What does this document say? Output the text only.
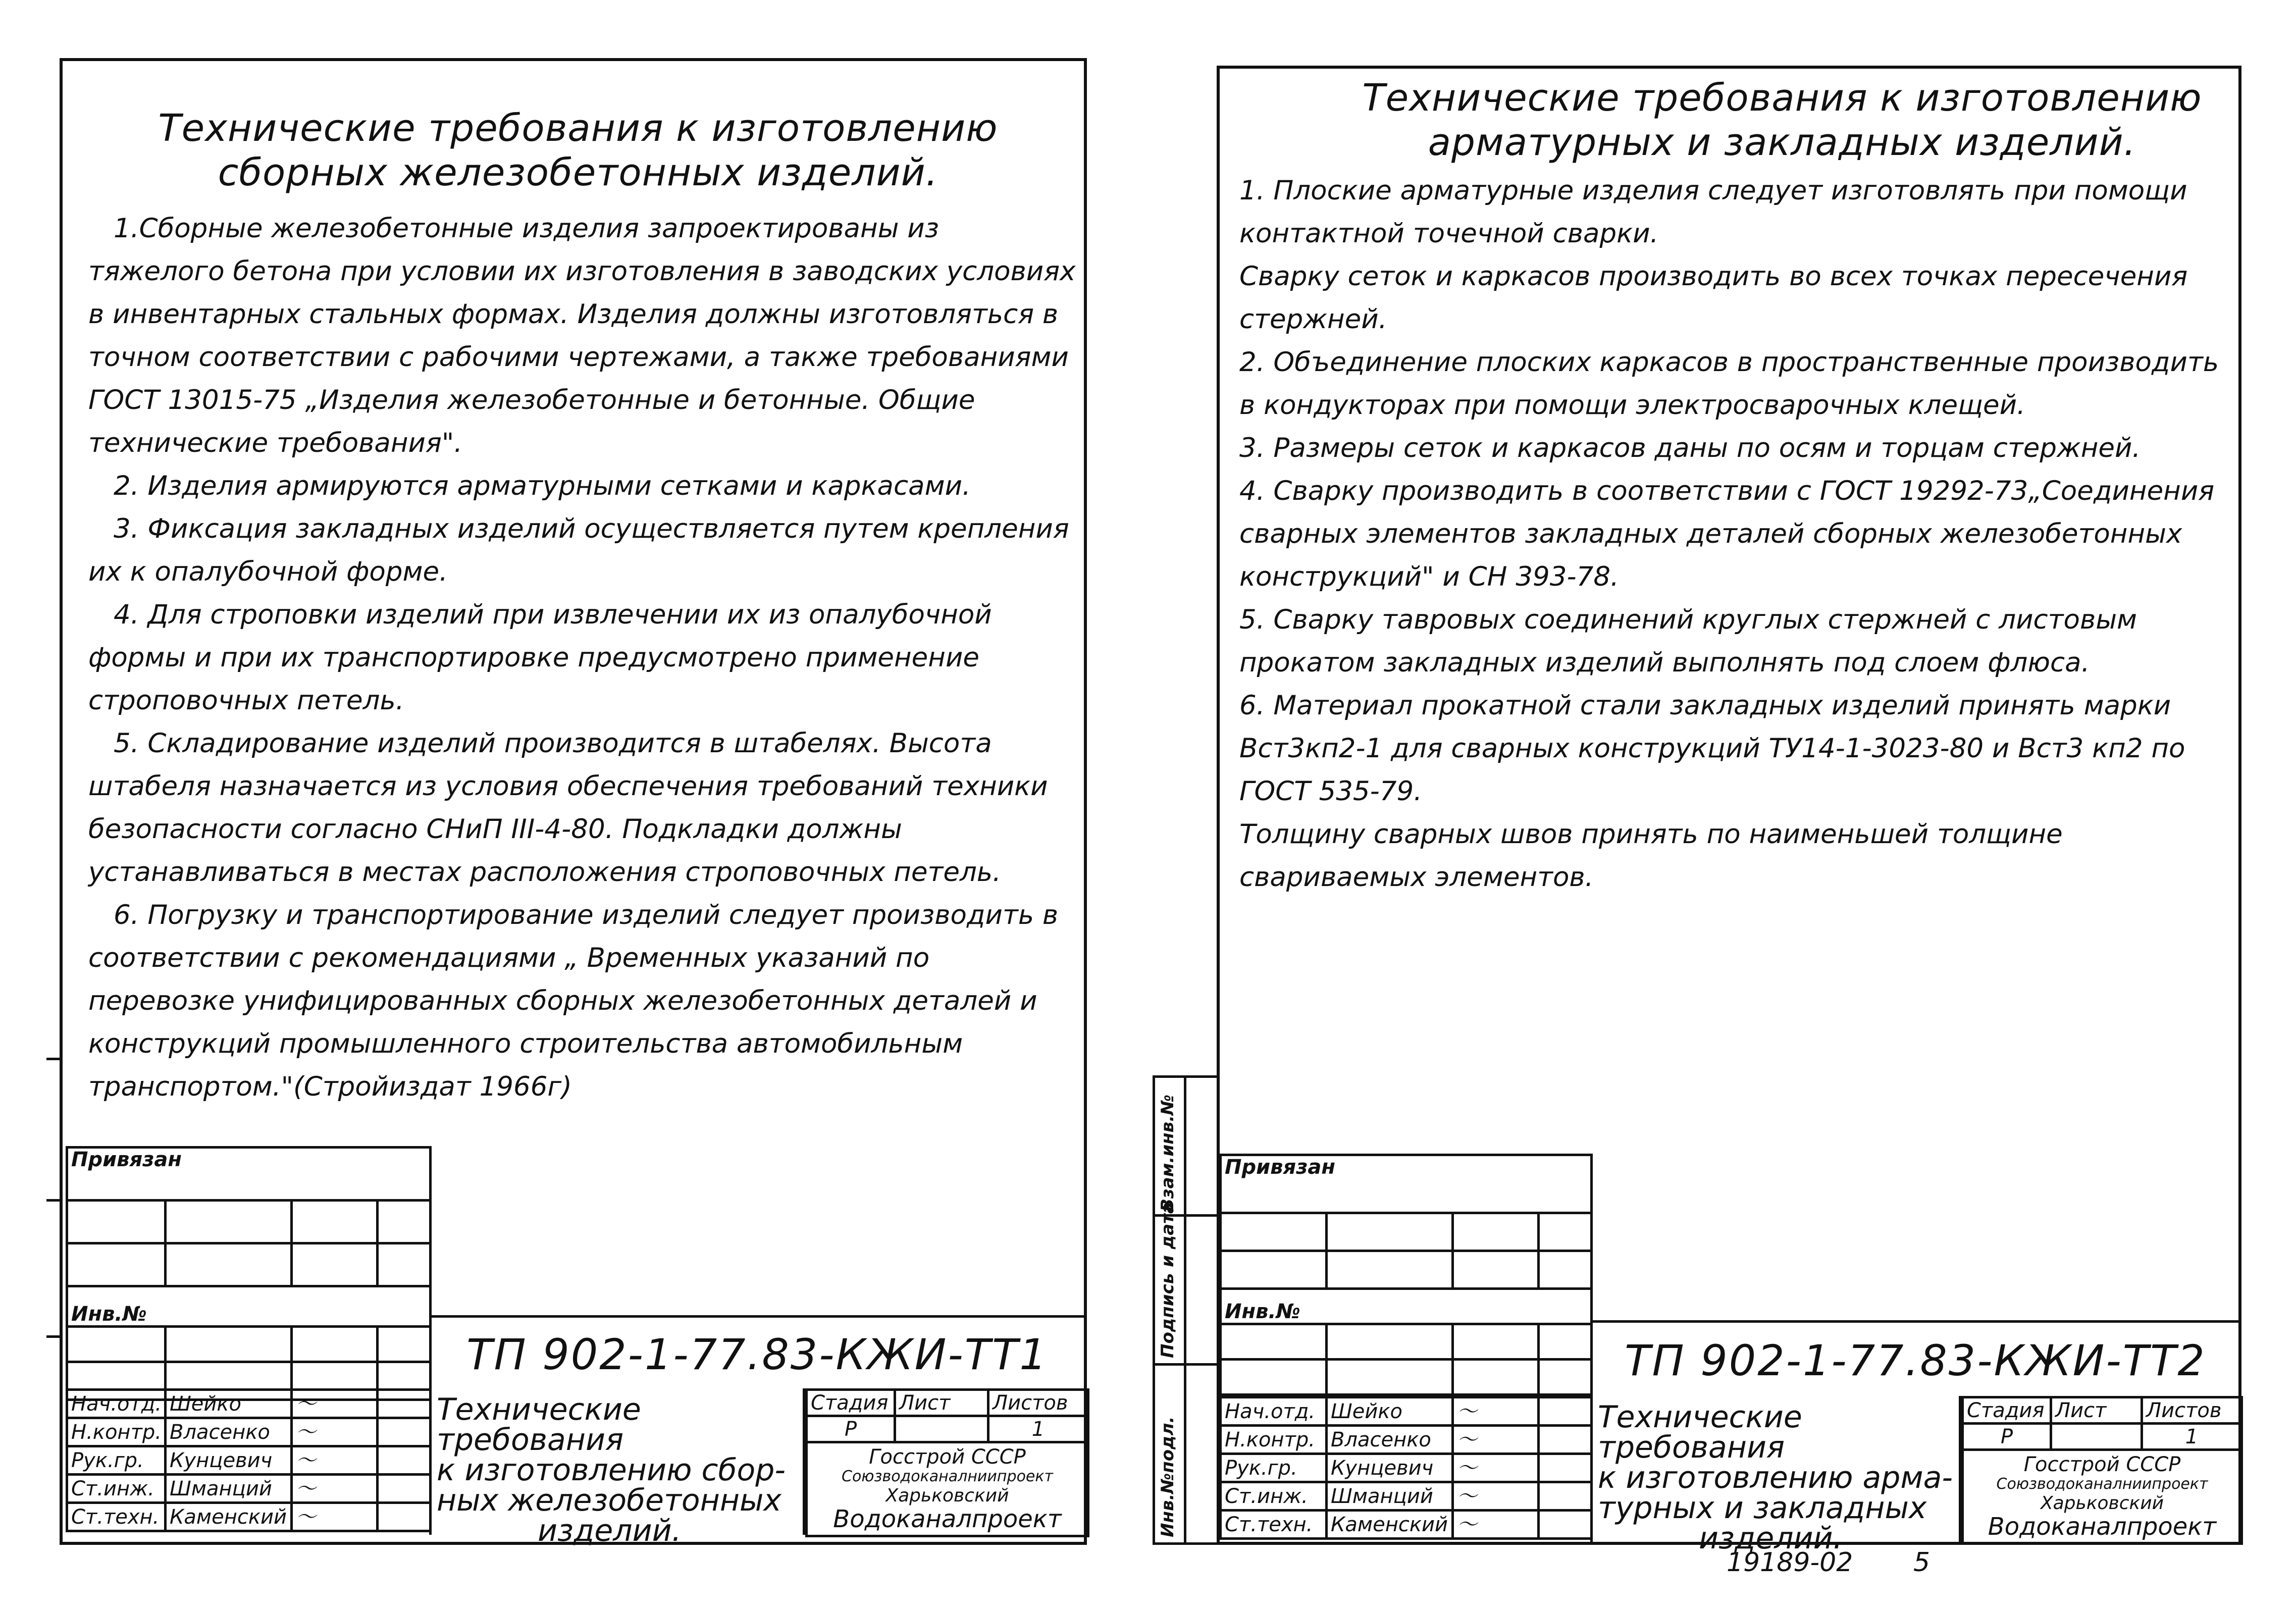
Технические требования к изготовлению

сборных железобетонных изделий.

1.Сборные железобетонные изделия запроектированы из тяжелого бетона при условии их изготовления в заводских условиях в инвентарных стальных формах. Изделия должны изготовляться в точном соответствии с рабочими чертежами, а также требованиями ГОСТ 13015-75 „Изделия железобетонные и бетонные. Общие технические требования".

2. Изделия армируются арматурными сетками и каркасами.

3. Фиксация закладных изделий осуществляется путем крепления их к опалубочной форме.

4. Для строповки изделий при извлечении их из опалубочной формы и при их транспортировке предусмотрено применение строповочных петель.

5. Складирование изделий производится в штабелях. Высота штабеля назначается из условия обеспечения требований техники безопасности согласно СНиП III-4-80. Подкладки должны устанавливаться в местах расположения строповочных петель.

6. Погрузку и транспортирование изделий следует производить в соответствии с рекомендациями „ Временных указаний по перевозке унифицированных сборных железобетонных деталей и конструкций промышленного строительства автомобильным транспортом."(Стройиздат 1966г)

Привязан			

Инв.№			

ТП 902-1-77.83-КЖИ-ТТ1
Нач.отд.	Шейко	〜	
Н.контр.	Власенко	〜	
Рук.гр.	Кунцевич	〜	
Ст.инж.	Шманций	〜	
Ст.техн.	Каменский	〜	
Технические требования
к изготовлению сбор-
ных железобетонных
изделий.
Стадия	Лист	Листов
Р		1

Госстрой СССР
Союзводоканалниипроект
Харьковский
Водоканалпроект		

Технические требования к изготовлению

арматурных и закладных изделий.

1. Плоские арматурные изделия следует изготовлять при помощи контактной точечной сварки.

Сварку сеток и каркасов производить во всех точках пересечения стержней.

2. Объединение плоских каркасов в пространственные производить в кондукторах при помощи электросварочных клещей.

3. Размеры сеток и каркасов даны по осям и торцам стержней.

4. Сварку производить в соответствии с ГОСТ 19292-73„Соединения сварных элементов закладных деталей сборных железобетонных конструкций" и СН 393-78.

5. Сварку тавровых соединений круглых стержней с листовым прокатом закладных изделий выполнять под слоем флюса.

6. Материал прокатной стали закладных изделий принять марки Вст3кп2-1 для сварных конструкций ТУ14-1-3023-80 и Вст3 кп2 по ГОСТ 535-79.

Толщину сварных швов принять по наименьшей толщине свариваемых элементов.

Взам.инв.№
Подпись и дата
Инв.№подл.
Привязан			

Инв.№			

ТП 902-1-77.83-КЖИ-ТТ2
Нач.отд.	Шейко	〜	
Н.контр.	Власенко	〜	
Рук.гр.	Кунцевич	〜	
Ст.инж.	Шманций	〜	
Ст.техн.	Каменский	〜	
Технические требования
к изготовлению арма-
турных и закладных
изделий.
Стадия	Лист	Листов
Р		1

Госстрой СССР
Союзводоканалниипроект
Харьковский
Водоканалпроект		
19189-02 5
